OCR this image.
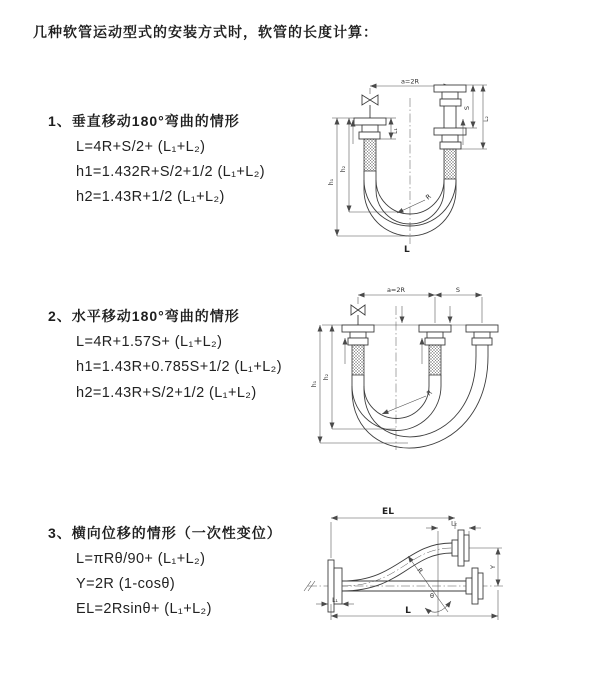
几种软管运动型式的安装方式时，软管的长度计算：
1、垂直移动180°弯曲的情形
L=4R+S/2+ (L₁+L₂)
h1=1.432R+S/2+1/2 (L₁+L₂)
h2=1.43R+1/2 (L₁+L₂)
2、水平移动180°弯曲的情形
L=4R+1.57S+ (L₁+L₂)
h1=1.43R+0.785S+1/2 (L₁+L₂)
h2=1.43R+S/2+1/2 (L₁+L₂)
3、横向位移的情形（一次性变位）
L=πRθ/90+ (L₁+L₂)
Y=2R (1-cosθ)
EL=2Rsinθ+ (L₁+L₂)
a=2R
L₁
S
L₂
h₂
h₁
R
L
a=2R	S
h₂
h₁
R
EL
L₂
Y
L
L₁
R
θ
